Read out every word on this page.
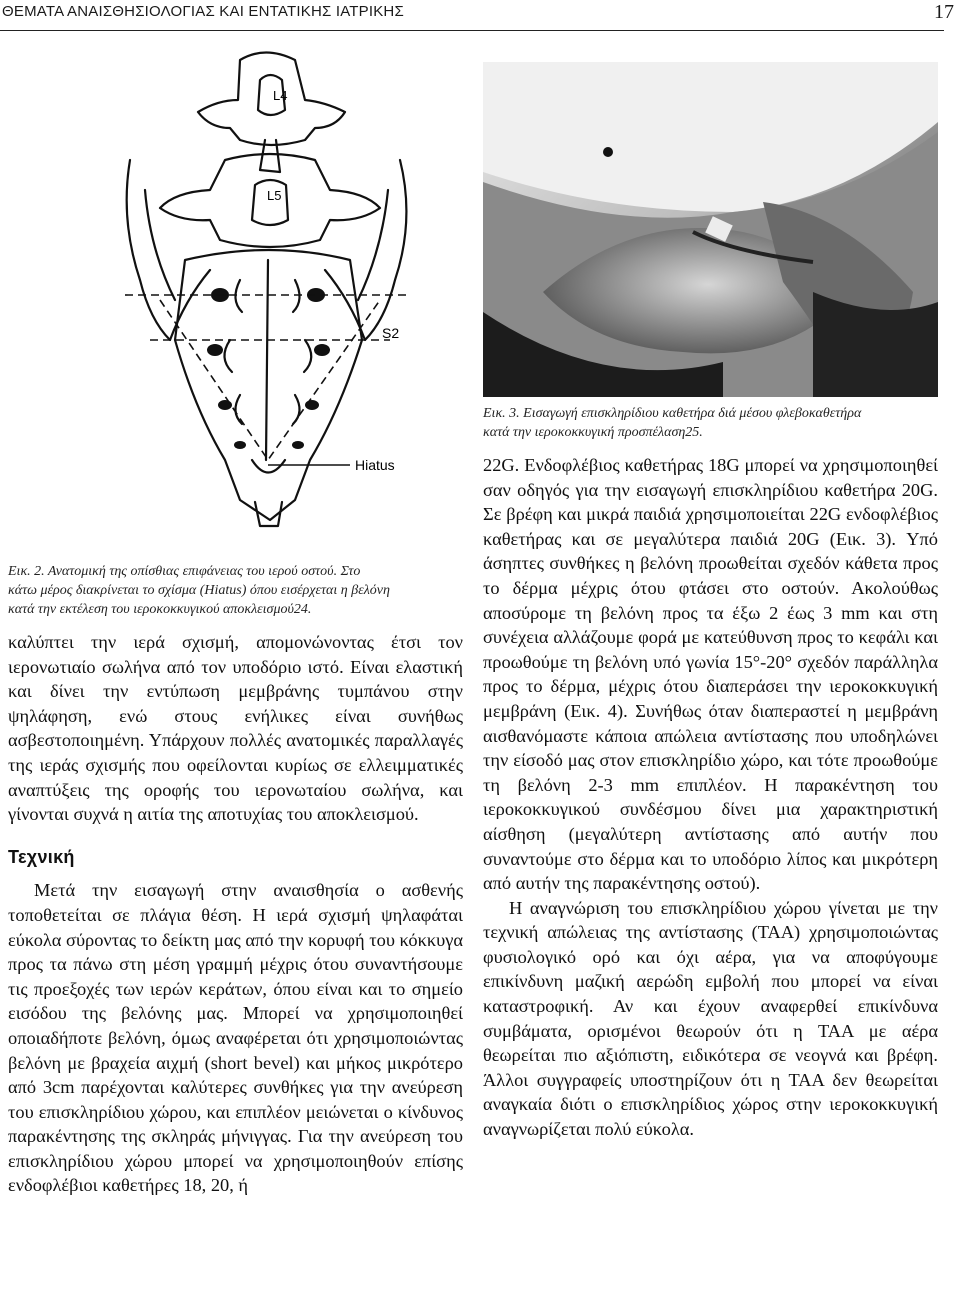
ΘΕΜΑΤΑ ΑΝΑΙΣΘΗΣΙΟΛΟΓΙΑΣ ΚΑΙ ΕΝΤΑΤΙΚΗΣ ΙΑΤΡΙΚΗΣ	17
L4
L5
S2
Hiatus
Εικ. 2. Ανατομική της οπίσθιας επιφάνειας του ιερού οστού. Στο
κάτω μέρος διακρίνεται το σχίσμα (Hiatus) όπου εισέρχεται η βελόνη
κατά την εκτέλεση του ιεροκοκκυγικού αποκλεισμού24.
Εικ. 3. Εισαγωγή επισκληρίδιου καθετήρα διά μέσου φλεβοκαθετήρα
κατά την ιεροκοκκυγική προσπέλαση25.

καλύπτει την ιερά σχισμή, απομονώνοντας έτσι τον ιερονωτιαίο σωλήνα από τον υποδόριο ιστό. Είναι ελαστική και δίνει την εντύπωση μεμβράνης τυμπάνου στην ψηλάφηση, ενώ στους ενήλικες είναι συνήθως ασβεστοποιημένη. Υπάρχουν πολλές ανατομικές παραλλαγές της ιεράς σχισμής που οφείλονται κυρίως σε ελλειμματικές αναπτύξεις της οροφής του ιερονωταίου σωλήνα, και γίνονται συχνά η αιτία της αποτυχίας του αποκλεισμού.

Τεχνική

Μετά την εισαγωγή στην αναισθησία ο ασθενής τοποθετείται σε πλάγια θέση. Η ιερά σχισμή ψηλαφάται εύκολα σύροντας το δείκτη μας από την κορυφή του κόκκυγα προς τα πάνω στη μέση γραμμή μέχρις ότου συναντήσουμε τις προεξοχές των ιερών κεράτων, όπου είναι και το σημείο εισόδου της βελόνης μας. Μπορεί να χρησιμοποιηθεί οποιαδήποτε βελόνη, όμως αναφέρεται ότι χρησιμοποιώντας βελόνη με βραχεία αιχμή (short bevel) και μήκος μικρότερο από 3cm παρέχονται καλύτερες συνθήκες για την ανεύρεση του επισκληρίδιου χώρου, και επιπλέον μειώνεται ο κίνδυνος παρακέντησης της σκληράς μήνιγγας. Για την ανεύρεση του επισκληρίδιου χώρου μπορεί να χρησιμοποιηθούν επίσης ενδοφλέβιοι καθετήρες 18, 20, ή

22G. Ενδοφλέβιος καθετήρας 18G μπορεί να χρησιμοποιηθεί σαν οδηγός για την εισαγωγή επισκληρίδιου καθετήρα 20G. Σε βρέφη και μικρά παιδιά χρησιμοποιείται 22G ενδοφλέβιος καθετήρας και σε μεγαλύτερα παιδιά 20G (Εικ. 3). Υπό άσηπτες συνθήκες η βελόνη προωθείται σχεδόν κάθετα προς το δέρμα μέχρις ότου φτάσει στο οστούν. Ακολούθως αποσύρομε τη βελόνη προς τα έξω 2 έως 3 mm και στη συνέχεια αλλάζουμε φορά με κατεύθυνση προς το κεφάλι και προωθούμε τη βελόνη υπό γωνία 15°-20° σχεδόν παράλληλα προς το δέρμα, μέχρις ότου διαπεράσει την ιεροκοκκυγική μεμβράνη (Εικ. 4). Συνήθως όταν διαπεραστεί η μεμβράνη αισθανόμαστε κάποια απώλεια αντίστασης που υποδηλώνει την είσοδό μας στον επισκληρίδιο χώρο, και τότε προωθούμε τη βελόνη 2-3 mm επιπλέον. Η παρακέντηση του ιεροκοκκυγικού συνδέσμου δίνει μια χαρακτηριστική αίσθηση (μεγαλύτερη αντίστασης από αυτήν που συναντούμε στο δέρμα και το υποδόριο λίπος και μικρότερη από αυτήν της παρακέντησης οστού).

Η αναγνώριση του επισκληρίδιου χώρου γίνεται με την τεχνική απώλειας της αντίστασης (ΤΑΑ) χρησιμοποιώντας φυσιολογικό ορό και όχι αέρα, για να αποφύγουμε επικίνδυνη μαζική αερώδη εμβολή που μπορεί να είναι καταστροφική. Αν και έχουν αναφερθεί επικίνδυνα συμβάματα, ορισμένοι θεωρούν ότι η ΤΑΑ με αέρα θεωρείται πιο αξιόπιστη, ειδικότερα σε νεογνά και βρέφη. Άλλοι συγγραφείς υποστηρίζουν ότι η ΤΑΑ δεν θεωρείται αναγκαία διότι ο επισκληρίδιος χώρος στην ιεροκοκκυγική αναγνωρίζεται πολύ εύκολα.
